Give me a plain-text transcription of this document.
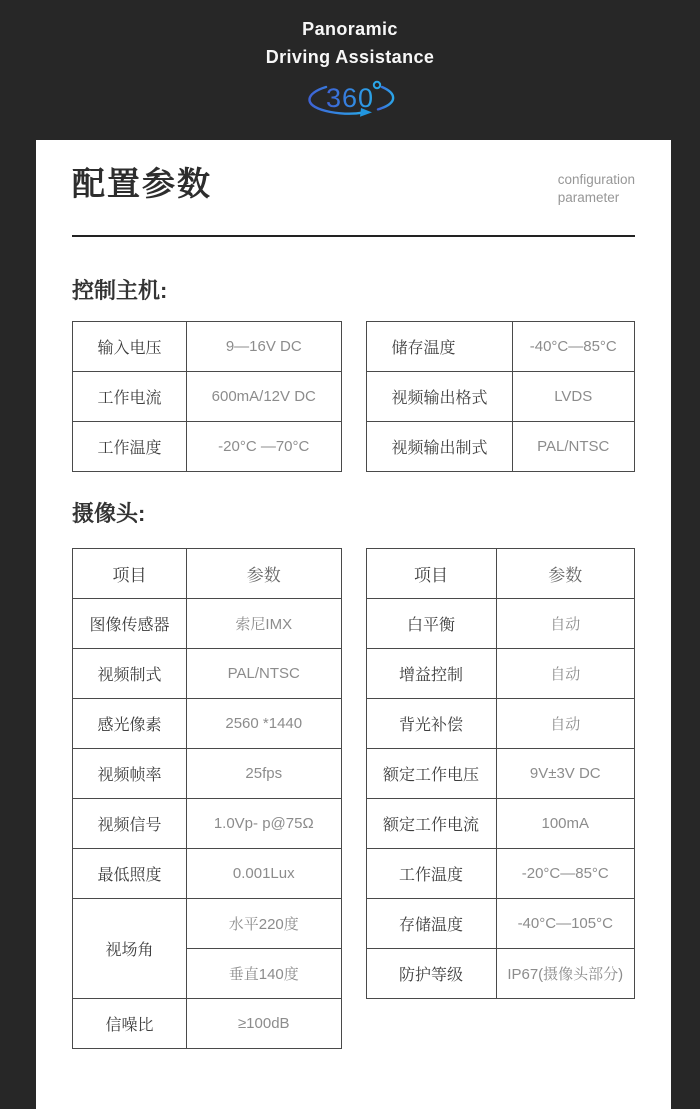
Panoramic
Driving Assistance
360
配置参数	configuration
parameter
控制主机:
输入电压	9—16V DC
工作电流	600mA/12V DC
工作温度	-20°C —70°C
储存温度	-40°C—85°C
视频输出格式	LVDS
视频输出制式	PAL/NTSC
摄像头:
项目	参数
图像传感器	索尼IMX
视频制式	PAL/NTSC
感光像素	2560 *1440
视频帧率	25fps
视频信号	1.0Vp- p@75Ω
最低照度	0.001Lux
视场角	水平220度
	垂直140度
信噪比	≥100dB
项目	参数
白平衡	自动
增益控制	自动
背光补偿	自动
额定工作电压	9V±3V DC
额定工作电流	100mA
工作温度	-20°C—85°C
存储温度	-40°C—105°C
防护等级	IP67(摄像头部分)
